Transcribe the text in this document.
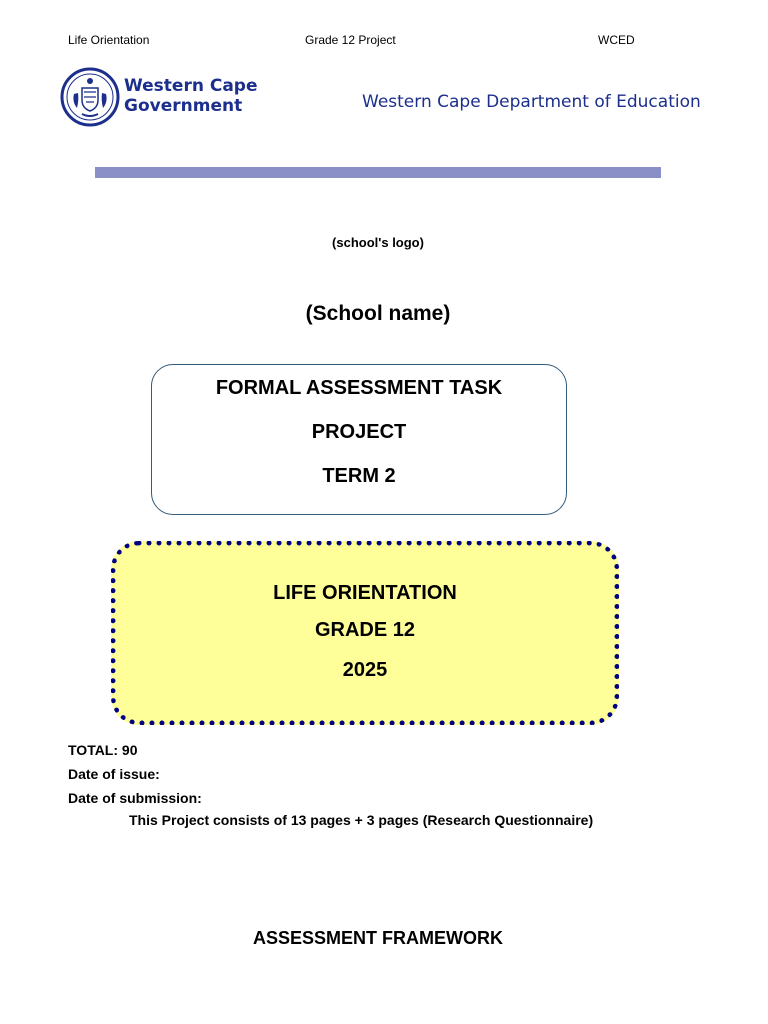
Life Orientation	Grade 12 Project	WCED
Western Cape
Government	Western Cape Department of Education
(school's logo)
(School name)
FORMAL ASSESSMENT TASK
PROJECT
TERM 2
LIFE ORIENTATION
GRADE 12
2025
TOTAL: 90
Date of issue:
Date of submission:
This Project consists of 13 pages + 3 pages (Research Questionnaire)
ASSESSMENT FRAMEWORK
